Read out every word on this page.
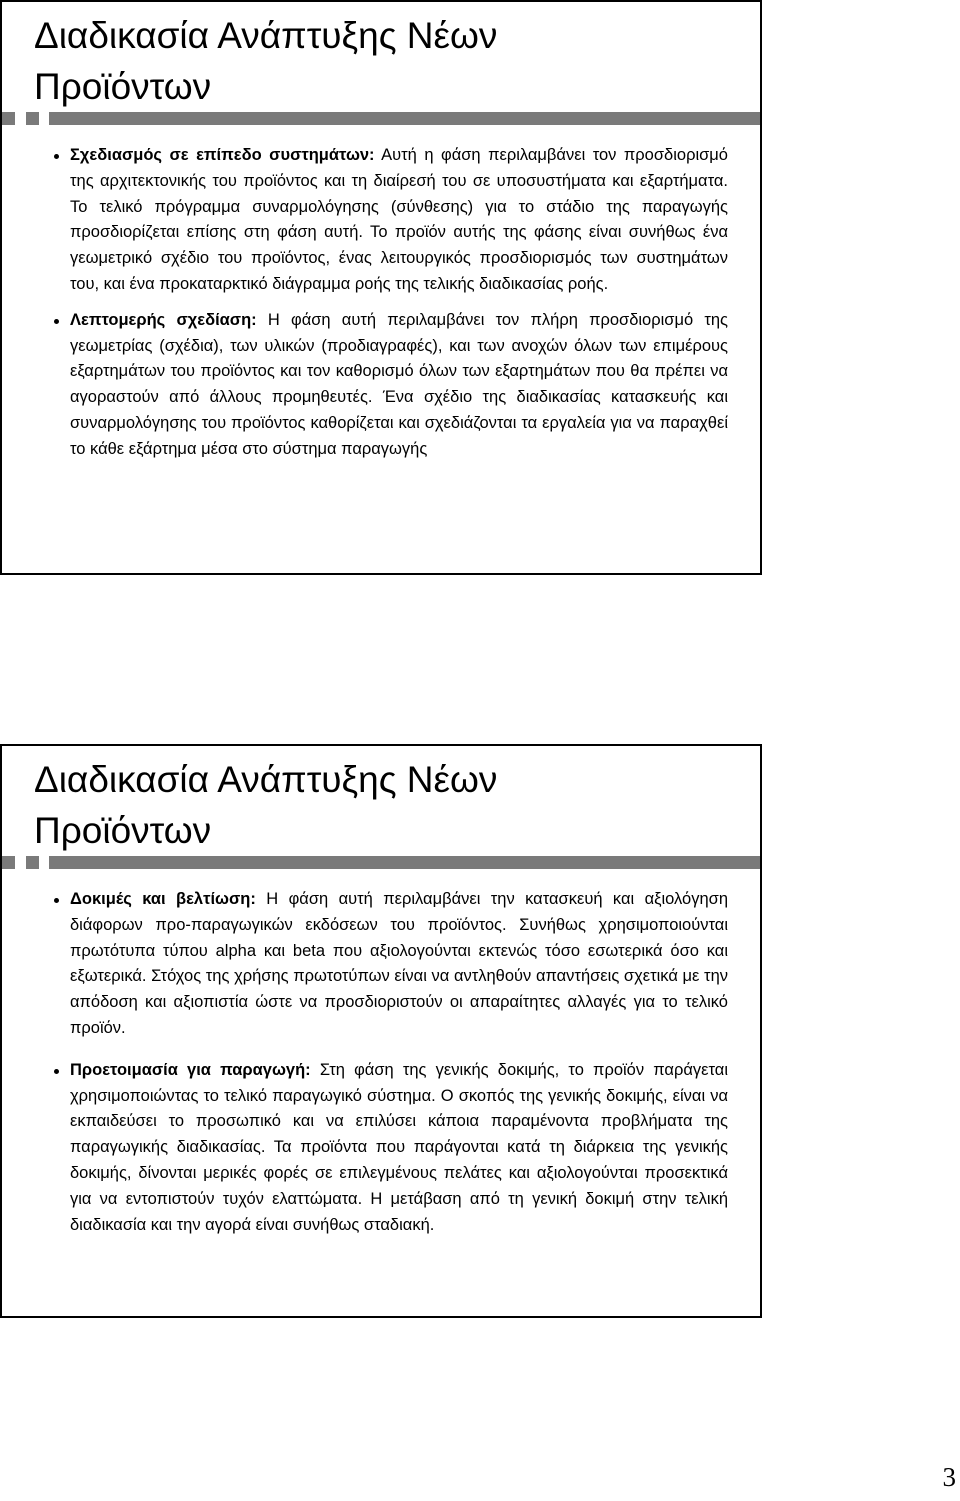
Διαδικασία Ανάπτυξης Νέων
Προϊόντων

Σχεδιασμός σε επίπεδο συστημάτων: Αυτή η φάση περιλαμβάνει τον προσδιορισμό της αρχιτεκτονικής του προϊόντος και τη διαίρεσή του σε υποσυστήματα και εξαρτήματα. Το τελικό πρόγραμμα συναρμολόγησης (σύνθεσης) για το στάδιο της παραγωγής προσδιορίζεται επίσης στη φάση αυτή. Το προϊόν αυτής της φάσης είναι συνήθως ένα γεωμετρικό σχέδιο του προϊόντος, ένας λειτουργικός προσδιορισμός των συστημάτων του, και ένα προκαταρκτικό διάγραμμα ροής της τελικής διαδικασίας ροής.

Λεπτομερής σχεδίαση: Η φάση αυτή περιλαμβάνει τον πλήρη προσδιορισμό της γεωμετρίας (σχέδια), των υλικών (προδιαγραφές), και των ανοχών όλων των επιμέρους εξαρτημάτων του προϊόντος και τον καθορισμό όλων των εξαρτημάτων που θα πρέπει να αγοραστούν από άλλους προμηθευτές. Ένα σχέδιο της διαδικασίας κατασκευής και συναρμολόγησης του προϊόντος καθορίζεται και σχεδιάζονται τα εργαλεία για να παραχθεί το κάθε εξάρτημα μέσα στο σύστημα παραγωγής

Διαδικασία Ανάπτυξης Νέων
Προϊόντων

Δοκιμές και βελτίωση: Η φάση αυτή περιλαμβάνει την κατασκευή και αξιολόγηση διάφορων προ-παραγωγικών εκδόσεων του προϊόντος. Συνήθως χρησιμοποιούνται πρωτότυπα τύπου alpha και beta που αξιολογούνται εκτενώς τόσο εσωτερικά όσο και εξωτερικά. Στόχος της χρήσης πρωτοτύπων είναι να αντληθούν απαντήσεις σχετικά με την απόδοση και αξιοπιστία ώστε να προσδιοριστούν οι απαραίτητες αλλαγές για το τελικό προϊόν.

Προετοιμασία για παραγωγή: Στη φάση της γενικής δοκιμής, το προϊόν παράγεται χρησιμοποιώντας το τελικό παραγωγικό σύστημα. Ο σκοπός της γενικής δοκιμής, είναι να εκπαιδεύσει το προσωπικό και να επιλύσει κάποια παραμένοντα προβλήματα της παραγωγικής διαδικασίας. Τα προϊόντα που παράγονται κατά τη διάρκεια της γενικής δοκιμής, δίνονται μερικές φορές σε επιλεγμένους πελάτες και αξιολογούνται προσεκτικά για να εντοπιστούν τυχόν ελαττώματα. Η μετάβαση από τη γενική δοκιμή στην τελική διαδικασία και την αγορά είναι συνήθως σταδιακή.

3
